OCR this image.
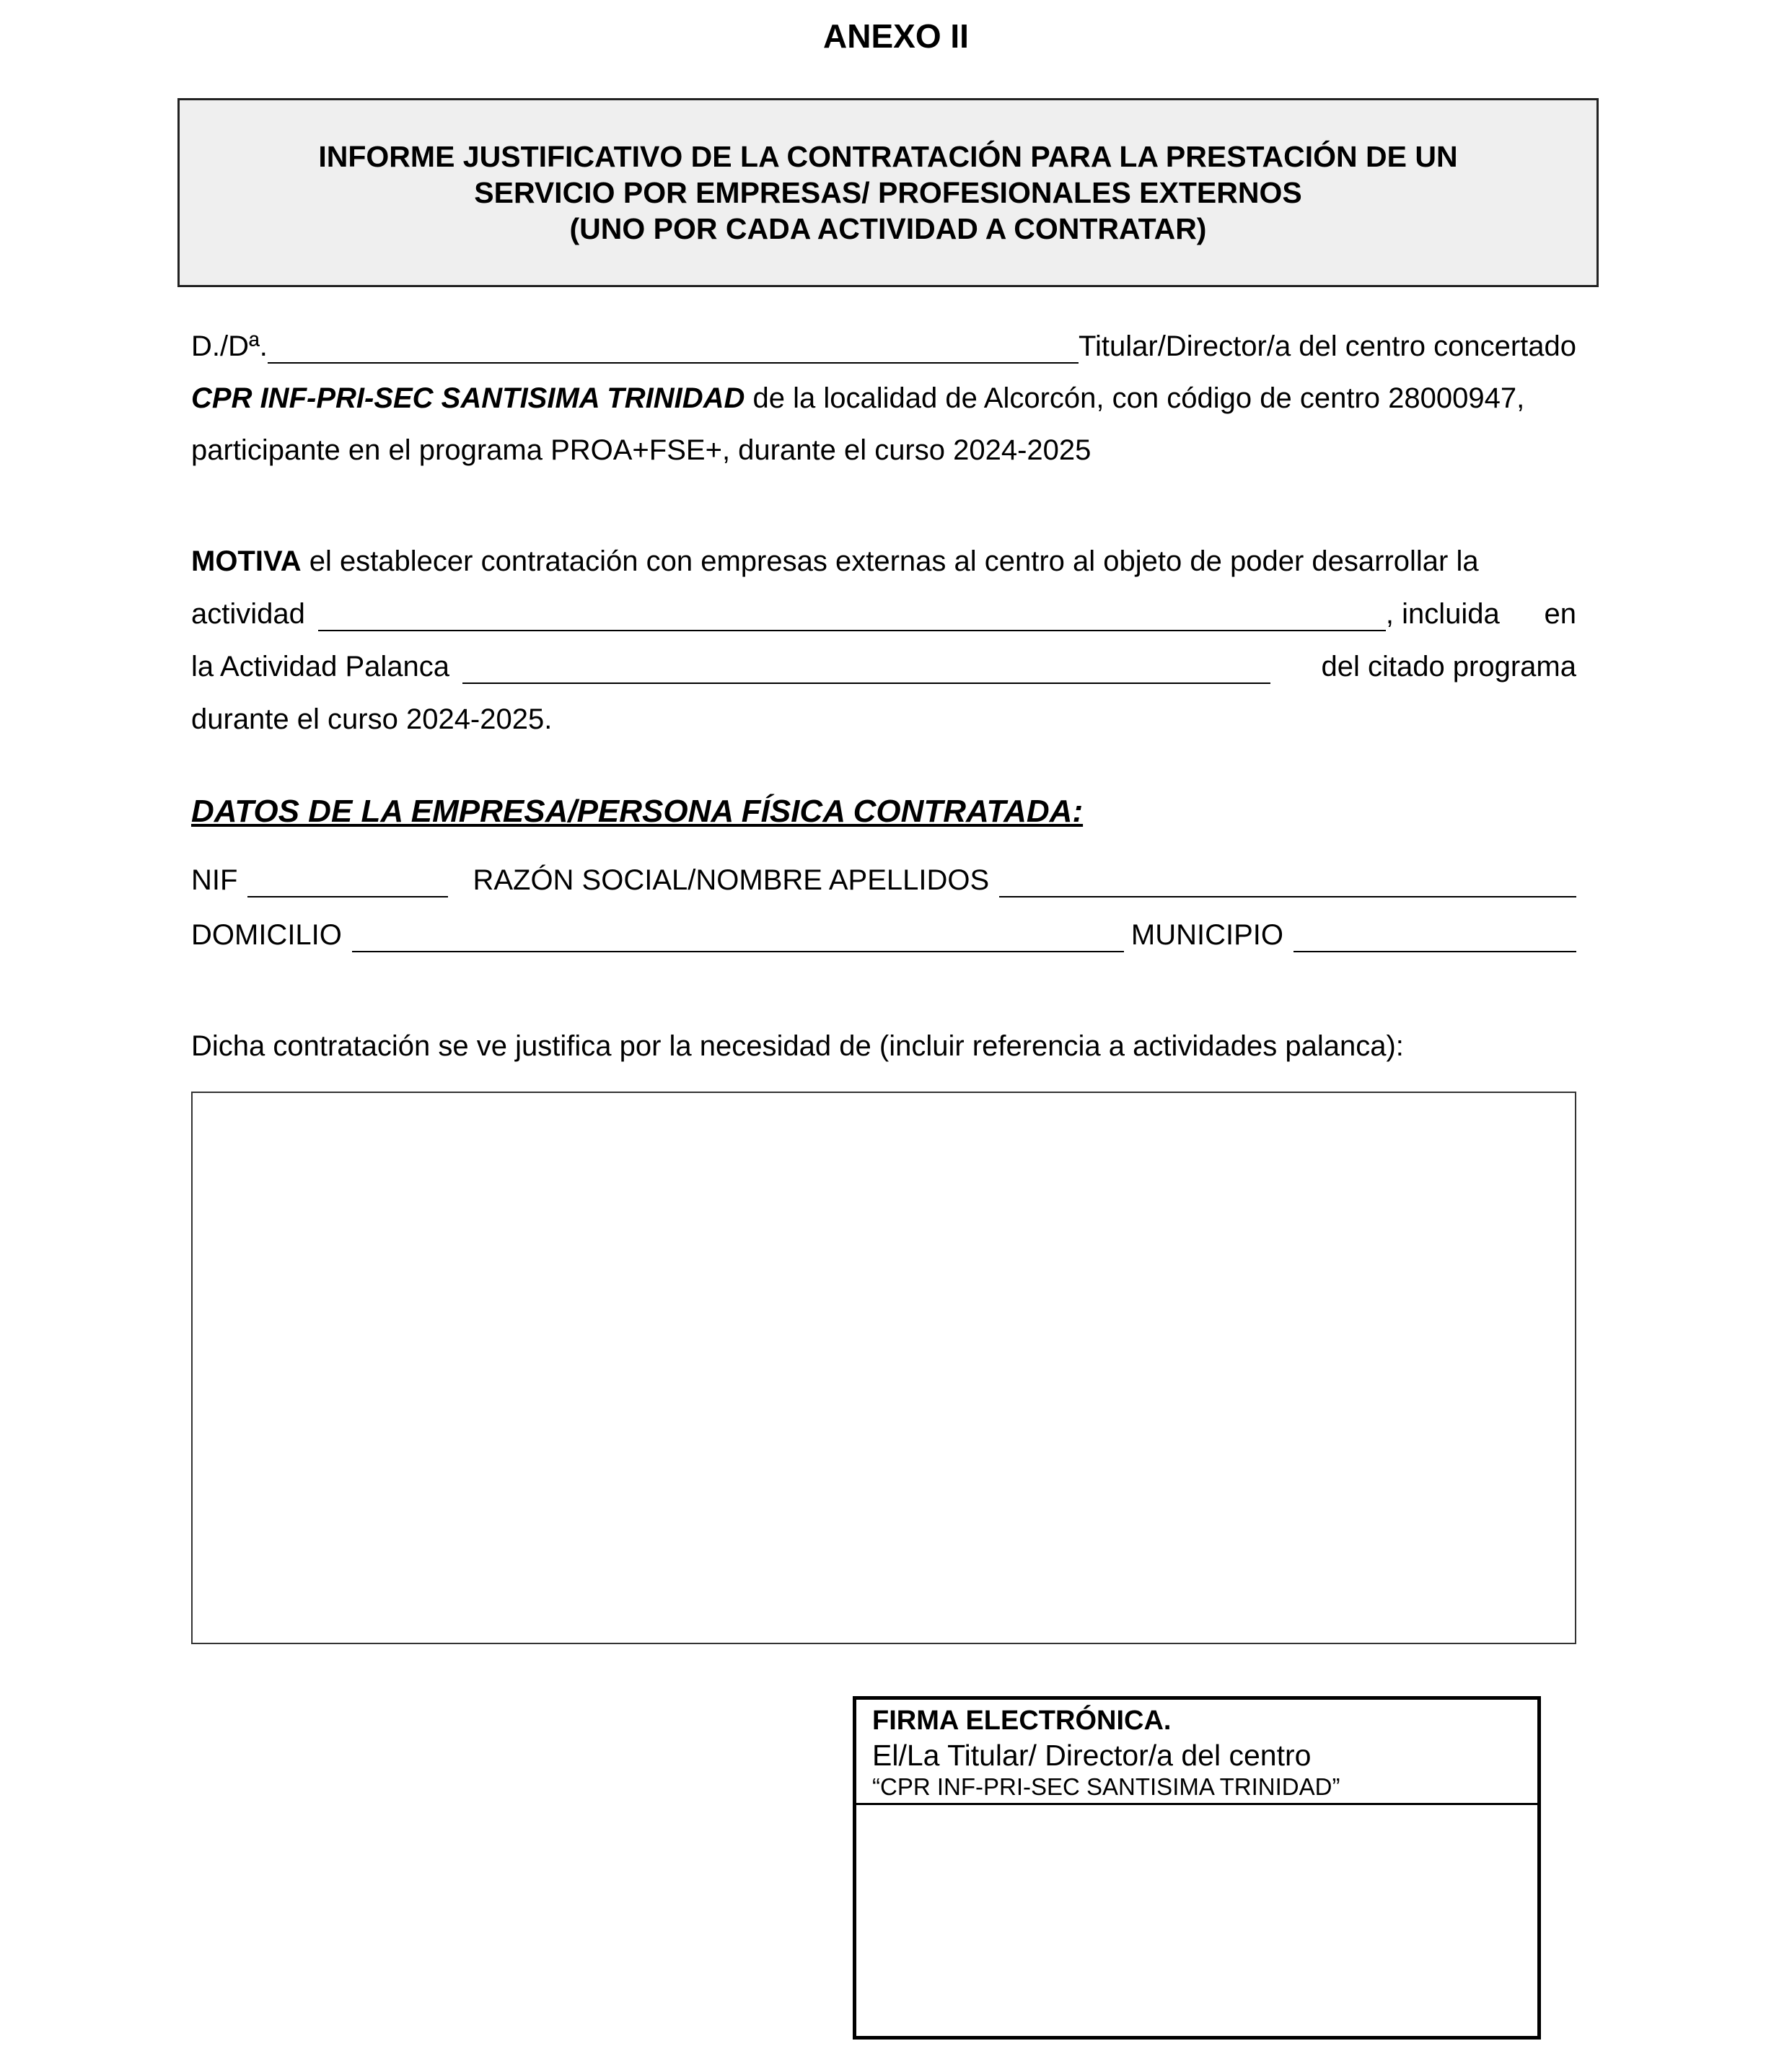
ANEXO II
INFORME JUSTIFICATIVO DE LA CONTRATACIÓN PARA LA PRESTACIÓN DE UN
SERVICIO POR EMPRESAS/ PROFESIONALES EXTERNOS
(UNO POR CADA ACTIVIDAD A CONTRATAR)
D./Dª.	Titular/Director/a del centro concertado
CPR INF-PRI-SEC SANTISIMA TRINIDAD de la localidad de Alcorcón, con código de centro 28000947,
participante en el programa PROA+FSE+, durante el curso 2024-2025
MOTIVA el establecer contratación con empresas externas al centro al objeto de poder desarrollar la
actividad	, incluida en
la Actividad Palanca	del citado programa
durante el curso 2024-2025.
DATOS DE LA EMPRESA/PERSONA FÍSICA CONTRATADA:
NIF	RAZÓN SOCIAL/NOMBRE APELLIDOS
DOMICILIO	MUNICIPIO
Dicha contratación se ve justifica por la necesidad de (incluir referencia a actividades palanca):
FIRMA ELECTRÓNICA.
El/La Titular/ Director/a del centro
“CPR INF-PRI-SEC SANTISIMA TRINIDAD”
